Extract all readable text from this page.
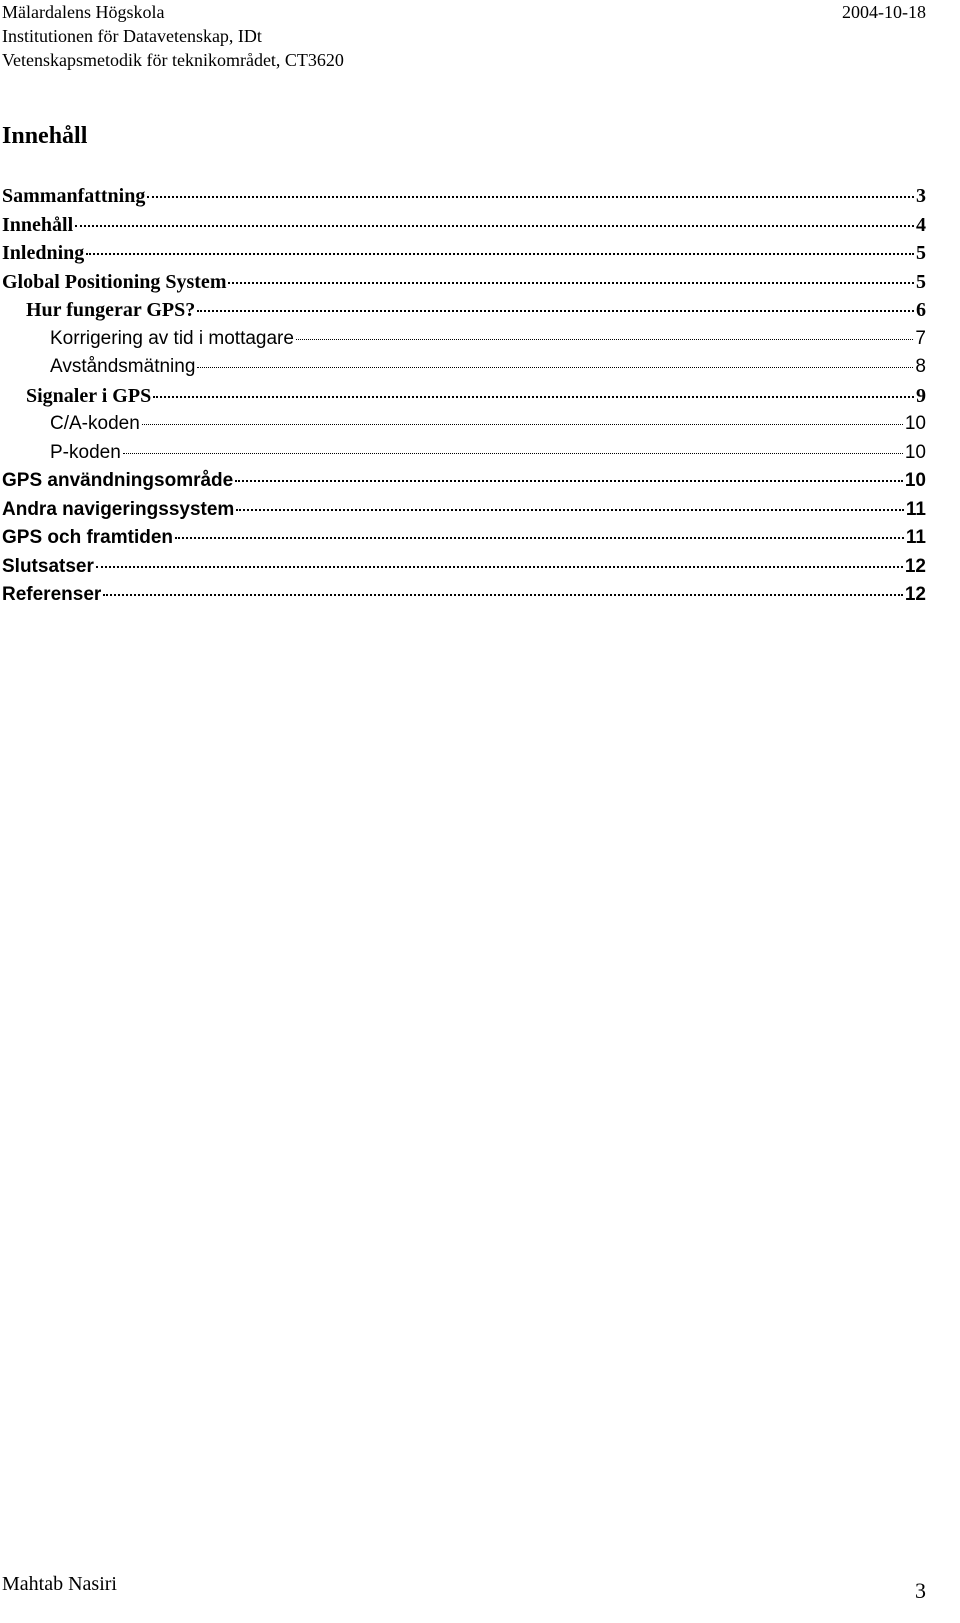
Mälardalens Högskola	2004-10-18
Institutionen för Datavetenskap, IDt
Vetenskapsmetodik för teknikområdet, CT3620
Innehåll
Sammanfattning	3
Innehåll	4
Inledning	5
Global Positioning System	5
Hur fungerar GPS?	6
Korrigering av tid i mottagare	7
Avståndsmätning	8
Signaler i GPS	9
C/A-koden	10
P-koden	10
GPS användningsområde	10
Andra navigeringssystem	11
GPS och framtiden	11
Slutsatser	12
Referenser	12
Mahtab Nasiri	3
